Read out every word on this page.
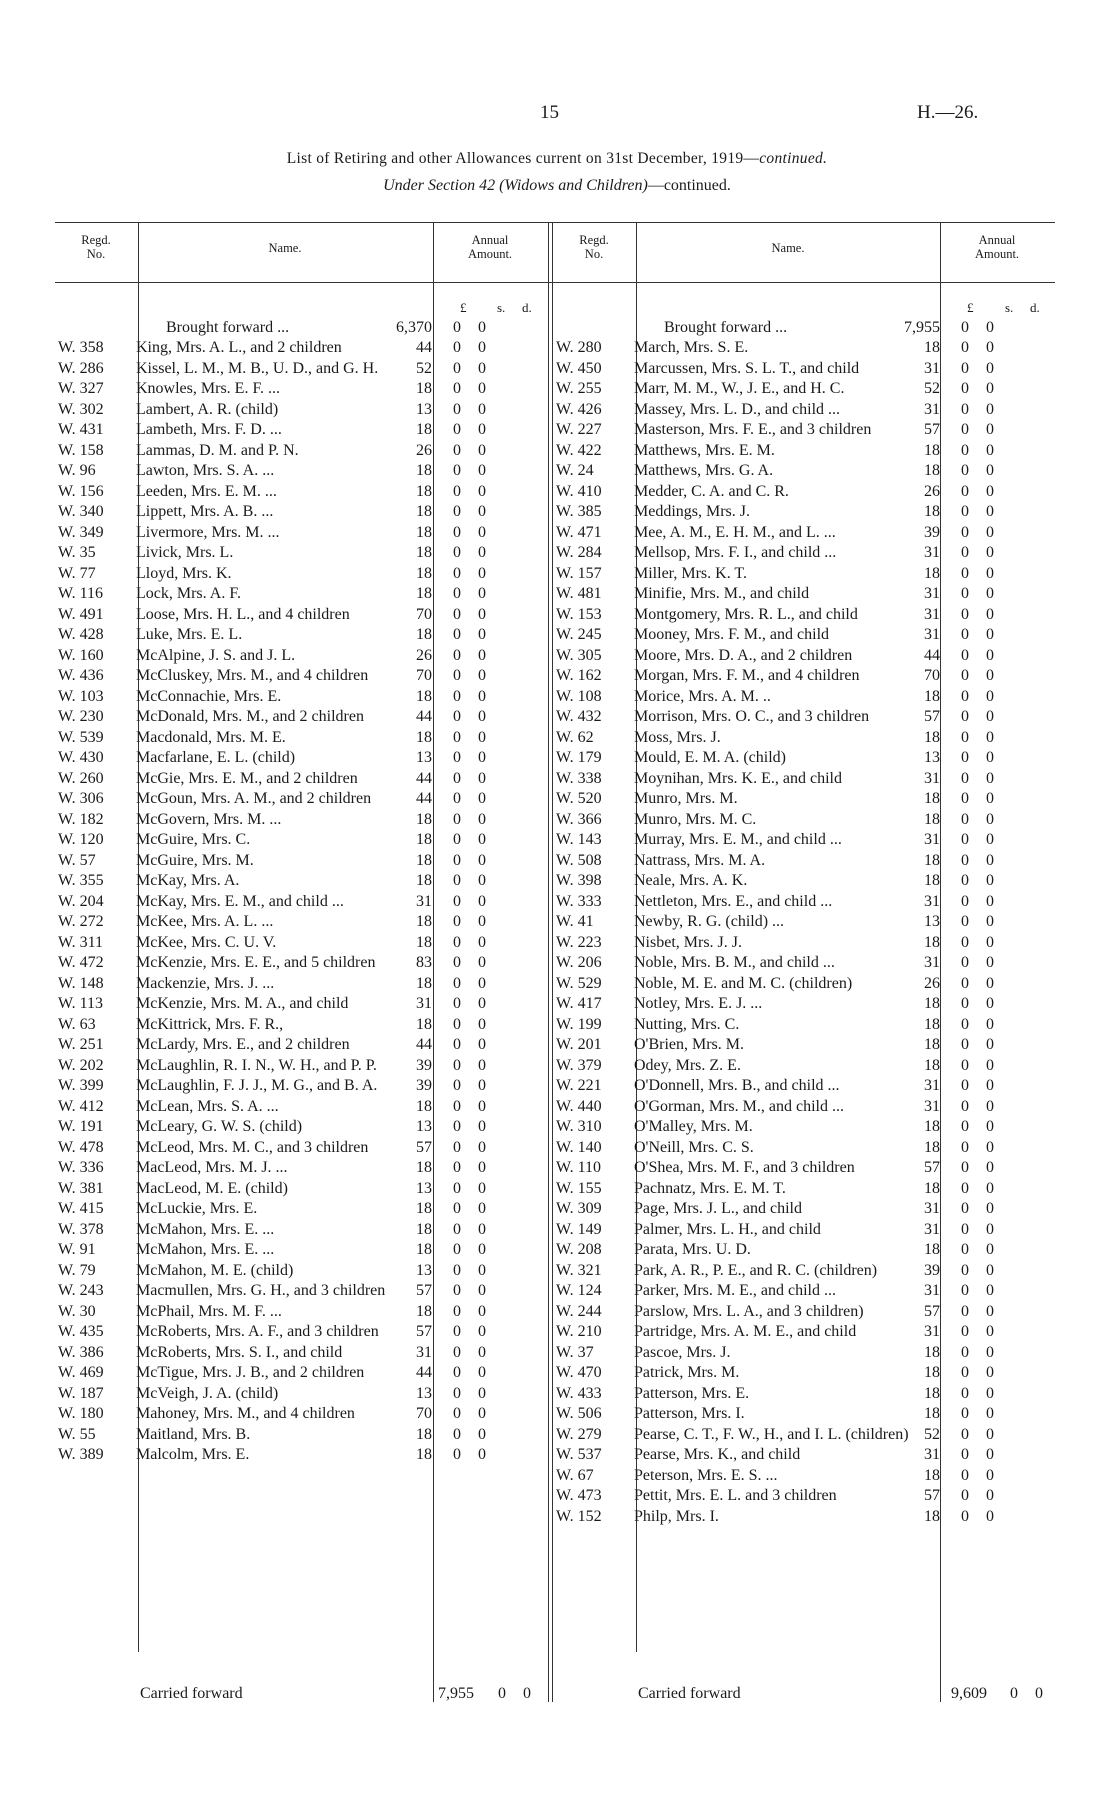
15	H.—26.
List of Retiring and other Allowances current on 31st December, 1919—continued.
Under Section 42 (Widows and Children)—continued.
Regd.
No.	Name.
Annual
Amount.
Regd.
No.	Name.
Annual
Amount.
£ s. d.	£ s. d.
Brought forward ...	6,370 0 0
W. 358	King, Mrs. A. L., and 2 children	44 0 0
W. 286	Kissel, L. M., M. B., U. D., and G. H.	52 0 0
W. 327	Knowles, Mrs. E. F. ...	18 0 0
W. 302	Lambert, A. R. (child)	13 0 0
W. 431	Lambeth, Mrs. F. D. ...	18 0 0
W. 158	Lammas, D. M. and P. N.	26 0 0
W. 96	Lawton, Mrs. S. A. ...	18 0 0
W. 156	Leeden, Mrs. E. M. ...	18 0 0
W. 340	Lippett, Mrs. A. B. ...	18 0 0
W. 349	Livermore, Mrs. M. ...	18 0 0
W. 35	Livick, Mrs. L.	18 0 0
W. 77	Lloyd, Mrs. K.	18 0 0
W. 116	Lock, Mrs. A. F.	18 0 0
W. 491	Loose, Mrs. H. L., and 4 children	70 0 0
W. 428	Luke, Mrs. E. L.	18 0 0
W. 160	McAlpine, J. S. and J. L.	26 0 0
W. 436	McCluskey, Mrs. M., and 4 children	70 0 0
W. 103	McConnachie, Mrs. E.	18 0 0
W. 230	McDonald, Mrs. M., and 2 children	44 0 0
W. 539	Macdonald, Mrs. M. E.	18 0 0
W. 430	Macfarlane, E. L. (child)	13 0 0
W. 260	McGie, Mrs. E. M., and 2 children	44 0 0
W. 306	McGoun, Mrs. A. M., and 2 children	44 0 0
W. 182	McGovern, Mrs. M. ...	18 0 0
W. 120	McGuire, Mrs. C.	18 0 0
W. 57	McGuire, Mrs. M.	18 0 0
W. 355	McKay, Mrs. A.	18 0 0
W. 204	McKay, Mrs. E. M., and child ...	31 0 0
W. 272	McKee, Mrs. A. L. ...	18 0 0
W. 311	McKee, Mrs. C. U. V.	18 0 0
W. 472	McKenzie, Mrs. E. E., and 5 children	83 0 0
W. 148	Mackenzie, Mrs. J. ...	18 0 0
W. 113	McKenzie, Mrs. M. A., and child	31 0 0
W. 63	McKittrick, Mrs. F. R.,	18 0 0
W. 251	McLardy, Mrs. E., and 2 children	44 0 0
W. 202	McLaughlin, R. I. N., W. H., and P. P.	39 0 0
W. 399	McLaughlin, F. J. J., M. G., and B. A.	39 0 0
W. 412	McLean, Mrs. S. A. ...	18 0 0
W. 191	McLeary, G. W. S. (child)	13 0 0
W. 478	McLeod, Mrs. M. C., and 3 children	57 0 0
W. 336	MacLeod, Mrs. M. J. ...	18 0 0
W. 381	MacLeod, M. E. (child)	13 0 0
W. 415	McLuckie, Mrs. E.	18 0 0
W. 378	McMahon, Mrs. E. ...	18 0 0
W. 91	McMahon, Mrs. E. ...	18 0 0
W. 79	McMahon, M. E. (child)	13 0 0
W. 243	Macmullen, Mrs. G. H., and 3 children	57 0 0
W. 30	McPhail, Mrs. M. F. ...	18 0 0
W. 435	McRoberts, Mrs. A. F., and 3 children	57 0 0
W. 386	McRoberts, Mrs. S. I., and child	31 0 0
W. 469	McTigue, Mrs. J. B., and 2 children	44 0 0
W. 187	McVeigh, J. A. (child)	13 0 0
W. 180	Mahoney, Mrs. M., and 4 children	70 0 0
W. 55	Maitland, Mrs. B.	18 0 0
W. 389	Malcolm, Mrs. E.	18 0 0
Brought forward ...	7,955 0 0
W. 280	March, Mrs. S. E.	18 0 0
W. 450	Marcussen, Mrs. S. L. T., and child	31 0 0
W. 255	Marr, M. M., W., J. E., and H. C.	52 0 0
W. 426	Massey, Mrs. L. D., and child ...	31 0 0
W. 227	Masterson, Mrs. F. E., and 3 children	57 0 0
W. 422	Matthews, Mrs. E. M.	18 0 0
W. 24	Matthews, Mrs. G. A.	18 0 0
W. 410	Medder, C. A. and C. R.	26 0 0
W. 385	Meddings, Mrs. J.	18 0 0
W. 471	Mee, A. M., E. H. M., and L. ...	39 0 0
W. 284	Mellsop, Mrs. F. I., and child ...	31 0 0
W. 157	Miller, Mrs. K. T.	18 0 0
W. 481	Minifie, Mrs. M., and child	31 0 0
W. 153	Montgomery, Mrs. R. L., and child	31 0 0
W. 245	Mooney, Mrs. F. M., and child	31 0 0
W. 305	Moore, Mrs. D. A., and 2 children	44 0 0
W. 162	Morgan, Mrs. F. M., and 4 children	70 0 0
W. 108	Morice, Mrs. A. M. ..	18 0 0
W. 432	Morrison, Mrs. O. C., and 3 children	57 0 0
W. 62	Moss, Mrs. J.	18 0 0
W. 179	Mould, E. M. A. (child)	13 0 0
W. 338	Moynihan, Mrs. K. E., and child	31 0 0
W. 520	Munro, Mrs. M.	18 0 0
W. 366	Munro, Mrs. M. C.	18 0 0
W. 143	Murray, Mrs. E. M., and child ...	31 0 0
W. 508	Nattrass, Mrs. M. A.	18 0 0
W. 398	Neale, Mrs. A. K.	18 0 0
W. 333	Nettleton, Mrs. E., and child ...	31 0 0
W. 41	Newby, R. G. (child) ...	13 0 0
W. 223	Nisbet, Mrs. J. J.	18 0 0
W. 206	Noble, Mrs. B. M., and child ...	31 0 0
W. 529	Noble, M. E. and M. C. (children)	26 0 0
W. 417	Notley, Mrs. E. J. ...	18 0 0
W. 199	Nutting, Mrs. C.	18 0 0
W. 201	O'Brien, Mrs. M.	18 0 0
W. 379	Odey, Mrs. Z. E.	18 0 0
W. 221	O'Donnell, Mrs. B., and child ...	31 0 0
W. 440	O'Gorman, Mrs. M., and child ...	31 0 0
W. 310	O'Malley, Mrs. M.	18 0 0
W. 140	O'Neill, Mrs. C. S.	18 0 0
W. 110	O'Shea, Mrs. M. F., and 3 children	57 0 0
W. 155	Pachnatz, Mrs. E. M. T.	18 0 0
W. 309	Page, Mrs. J. L., and child	31 0 0
W. 149	Palmer, Mrs. L. H., and child	31 0 0
W. 208	Parata, Mrs. U. D.	18 0 0
W. 321	Park, A. R., P. E., and R. C. (children)	39 0 0
W. 124	Parker, Mrs. M. E., and child ...	31 0 0
W. 244	Parslow, Mrs. L. A., and 3 children)	57 0 0
W. 210	Partridge, Mrs. A. M. E., and child	31 0 0
W. 37	Pascoe, Mrs. J.	18 0 0
W. 470	Patrick, Mrs. M.	18 0 0
W. 433	Patterson, Mrs. E.	18 0 0
W. 506	Patterson, Mrs. I.	18 0 0
W. 279	Pearse, C. T., F. W., H., and I. L. (children) 52 0 0
W. 537	Pearse, Mrs. K., and child	31 0 0
W. 67	Peterson, Mrs. E. S. ...	18 0 0
W. 473	Pettit, Mrs. E. L. and 3 children	57 0 0
W. 152	Philp, Mrs. I.	18 0 0
Carried forward	7,955 0 0	Carried forward	9,609 0 0
